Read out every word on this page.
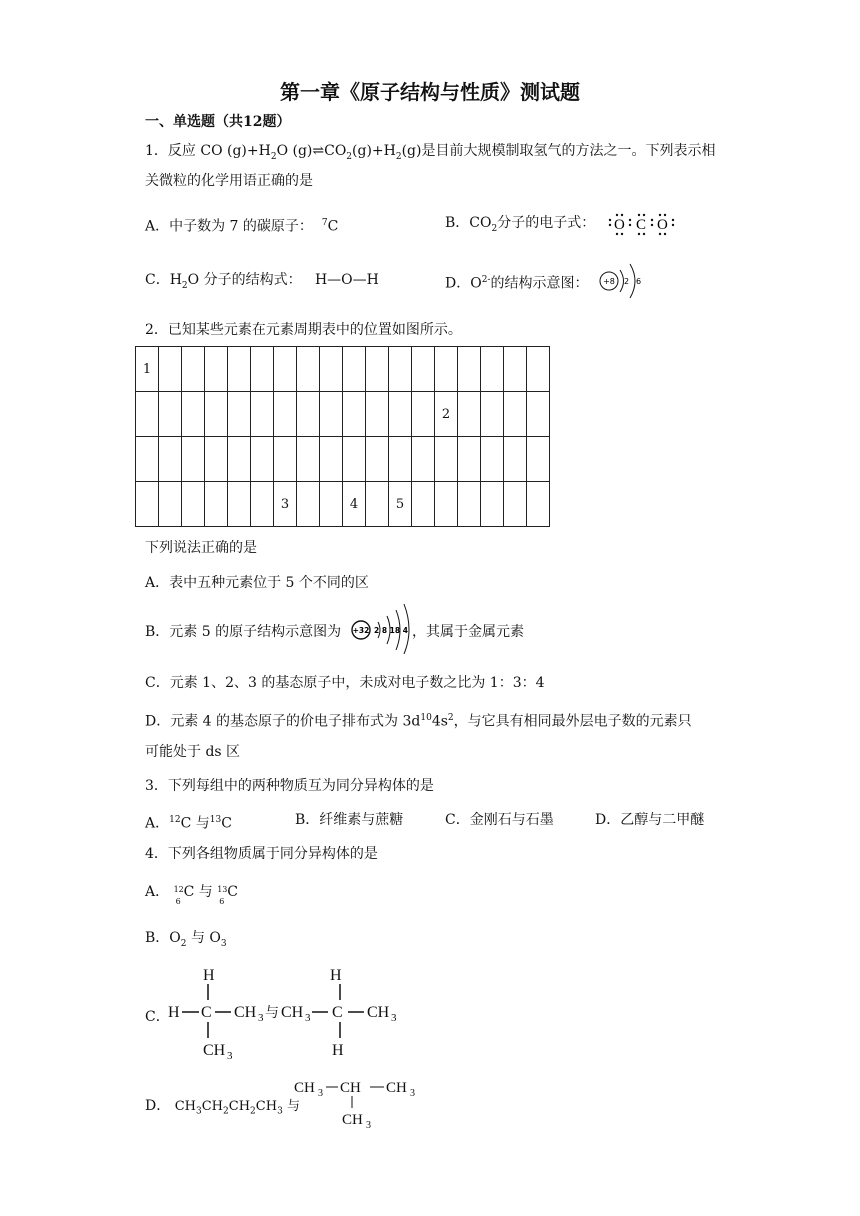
第一章《原子结构与性质》测试题
一、单选题（共12题）
1．反应 CO $(g)+H_2O$ $(g)\rightleftharpoons CO_2(g)+H_2(g)$是目前大规模制取氢气的方法之一。下列表示相
关微粒的化学用语正确的是
A．中子数为 7 的碳原子： $^7$C	B．$CO_2$分子的电子式： O C O
C．$H_2O$ 分子的结构式： H—O—H	D．$O^{2-}$的结构示意图： +8 2 6
2．已知某些元素在元素周期表中的位置如图所示。
1																	
													2				

						3			4		5						
下列说法正确的是
A．表中五种元素位于 5 个不同的区
B．元素 5 的原子结构示意图为 +32 2 8 18 4 ，其属于金属元素
C．元素 1、2、3 的基态原子中，未成对电子数之比为 1：3：4
D．元素 4 的基态原子的价电子排布式为 $3d^{10}4s^2$，与它具有相同最外层电子数的元素只
可能处于 ds 区
3．下列每组中的两种物质互为同分异构体的是
A．$^{12}$C 与$^{13}$C	B．纤维素与蔗糖	C．金刚石与石墨	D．乙醇与二甲醚
4．下列各组物质属于同分异构体的是
A． 12
6
C 与 13
6
C
B．$O_2$ 与 $O_3$
C．
H
H C CH 3 与
CH 3
CH 3
H
C CH 3
H
D． $CH_3CH_2CH_2CH_3$ 与
CH 3 CH CH 3
CH 3
